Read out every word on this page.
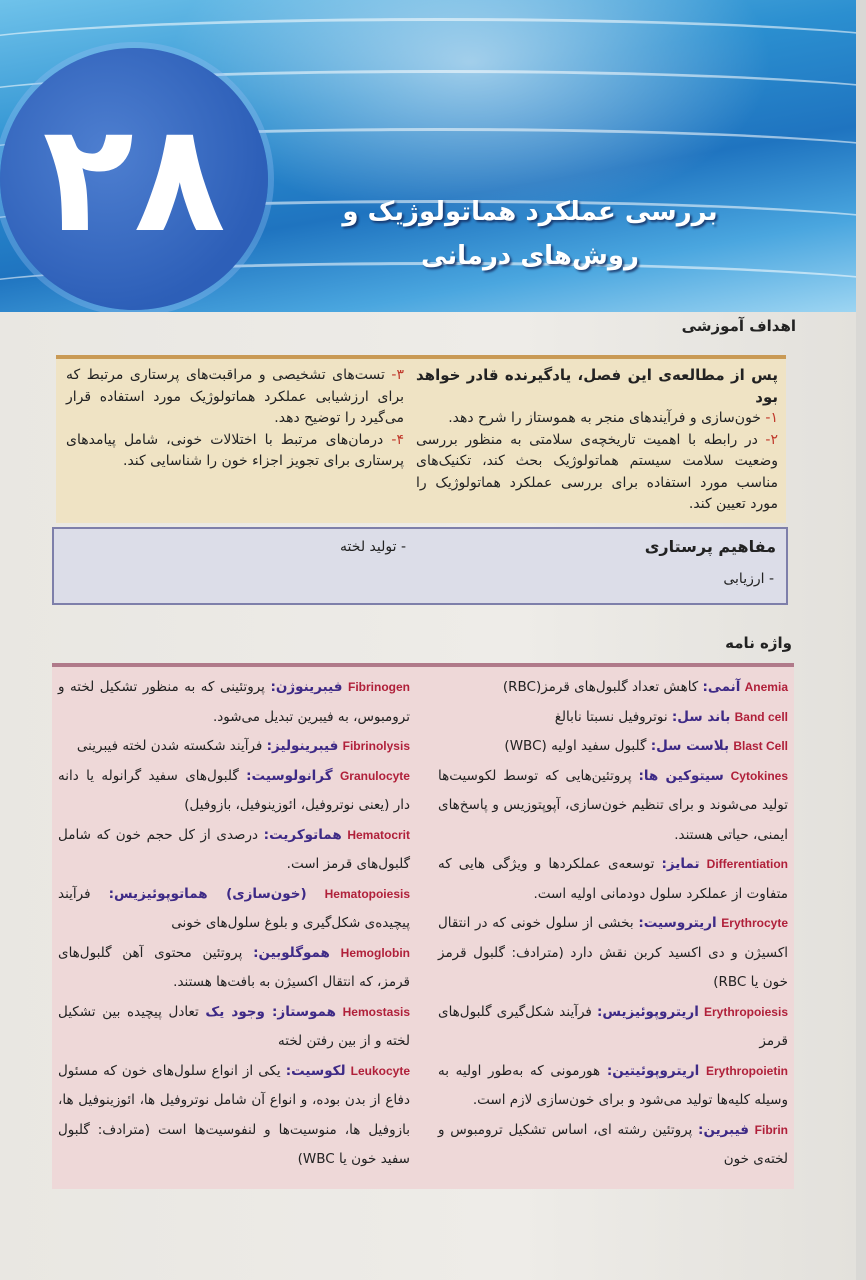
۲۸	بررسی عملکرد هماتولوژیک و روش‌های درمانی
اهداف آموزشی
پس از مطالعه‌ی این فصل، یادگیرنده قادر خواهد بود
۱- خون‌سازی و فرآیندهای منجر به هموستاز را شرح دهد.
۲- در رابطه با اهمیت تاریخچه‌ی سلامتی به منظور بررسی وضعیت سلامت سیستم هماتولوژیک بحث کند، تکنیک‌های مناسب مورد استفاده برای بررسی عملکرد هماتولوژیک را مورد تعیین کند.
۳- تست‌های تشخیصی و مراقبت‌های پرستاری مرتبط که برای ارزشیابی عملکرد هماتولوژیک مورد استفاده قرار می‌گیرد را توضیح دهد.
۴- درمان‌های مرتبط با اختلالات خونی، شامل پیامدهای پرستاری برای تجویز اجزاء خون را شناسایی کند.
مفاهیم پرستاری
- ارزیابی
- تولید لخته
واژه نامه

Anemia آنمی: کاهش تعداد گلبول‌های قرمز(RBC)

Band cell باند سل: نوتروفیل نسبتا نابالغ

Blast Cell بلاست سل: گلبول سفید اولیه (WBC)

Cytokines سیتوکین ها: پروتئین‌هایی که توسط لکوسیت‌ها تولید می‌شوند و برای تنظیم خون‌سازی، آپوپتوزیس و پاسخ‌های ایمنی، حیاتی هستند.

Differentiation تمایز: توسعه‌ی عملکردها و ویژگی هایی که متفاوت از عملکرد سلول دودمانی اولیه است.

Erythrocyte اریتروسیت: بخشی از سلول خونی که در انتقال اکسیژن و دی اکسید کربن نقش دارد (مترادف: گلبول قرمز خون یا RBC)

Erythropoiesis اریتروپوئیزیس: فرآیند شکل‌گیری گلبول‌های قرمز

Erythropoietin اریتروپوئیتین: هورمونی که به‌طور اولیه به وسیله کلیه‌ها تولید می‌شود و برای خون‌سازی لازم است.

Fibrin فیبرین: پروتئین رشته ای، اساس تشکیل ترومبوس و لخته‌ی خون

Fibrinogen فیبرینوژن: پروتئینی که به منظور تشکیل لخته و ترومبوس، به فیبرین تبدیل می‌شود.

Fibrinolysis فیبرینولیز: فرآیند شکسته شدن لخته فیبرینی

Granulocyte گرانولوسیت: گلبول‌های سفید گرانوله یا دانه دار (یعنی نوتروفیل، ائوزینوفیل، بازوفیل)

Hematocrit هماتوکریت: درصدی از کل حجم خون که شامل گلبول‌های قرمز است.

Hematopoiesis (خون‌سازی) هماتوپوئیزیس: فرآیند پیچیده‌ی شکل‌گیری و بلوغ سلول‌های خونی

Hemoglobin هموگلوبین: پروتئین محتوی آهن گلبول‌های قرمز، که انتقال اکسیژن به بافت‌ها هستند.

Hemostasis هموستاز: وجود یک تعادل پیچیده بین تشکیل لخته و از بین رفتن لخته

Leukocyte لکوسیت: یکی از انواع سلول‌های خون که مسئول دفاع از بدن بوده، و انواع آن شامل نوتروفیل ها، ائوزینوفیل ها، بازوفیل ها، منوسیت‌ها و لنفوسیت‌ها است (مترادف: گلبول سفید خون یا WBC)
